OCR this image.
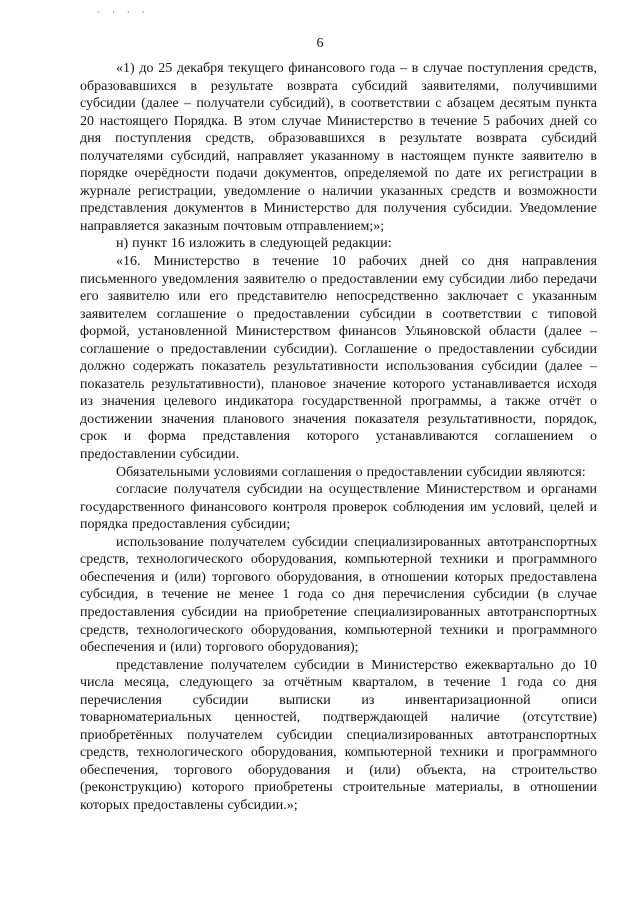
· · · ·
6

«1) до 25 декабря текущего финансового года – в случае поступления средств, образовавшихся в результате возврата субсидий заявителями, получившими субсидии (далее – получатели субсидий), в соответствии с абзацем десятым пункта 20 настоящего Порядка. В этом случае Министерство в течение 5 рабочих дней со дня поступления средств, образовавшихся в результате возврата субсидий получателями субсидий, направляет указанному в настоящем пункте заявителю в порядке очерёдности подачи документов, определяемой по дате их регистрации в журнале регистрации, уведомление о наличии указанных средств и возможности представления документов в Министерство для получения субсидии. Уведомление направляется заказным почтовым отправлением;»;

н) пункт 16 изложить в следующей редакции:

«16. Министерство в течение 10 рабочих дней со дня направления письменного уведомления заявителю о предоставлении ему субсидии либо передачи его заявителю или его представителю непосредственно заключает с указанным заявителем соглашение о предоставлении субсидии в соответствии с типовой формой, установленной Министерством финансов Ульяновской области (далее – соглашение о предоставлении субсидии). Соглашение о предоставлении субсидии должно содержать показатель результативности использования субсидии (далее – показатель результативности), плановое значение которого устанавливается исходя из значения целевого индикатора государственной программы, а также отчёт о достижении значения планового значения показателя результативности, порядок, срок и форма представления которого устанавливаются соглашением о предоставлении субсидии.

Обязательными условиями соглашения о предоставлении субсидии являются:

согласие получателя субсидии на осуществление Министерством и органами государственного финансового контроля проверок соблюдения им условий, целей и порядка предоставления субсидии;

использование получателем субсидии специализированных автотранспортных средств, технологического оборудования, компьютерной техники и программного обеспечения и (или) торгового оборудования, в отношении которых предоставлена субсидия, в течение не менее 1 года со дня перечисления субсидии (в случае предоставления субсидии на приобретение специализированных автотранспортных средств, технологического оборудования, компьютерной техники и программного обеспечения и (или) торгового оборудования);

представление получателем субсидии в Министерство ежеквартально до 10 числа месяца, следующего за отчётным кварталом, в течение 1 года со дня перечисления субсидии выписки из инвентаризационной описи товарноматериальных ценностей, подтверждающей наличие (отсутствие) приобретённых получателем субсидии специализированных автотранспортных средств, технологического оборудования, компьютерной техники и программного обеспечения, торгового оборудования и (или) объекта, на строительство (реконструкцию) которого приобретены строительные материалы, в отношении которых предоставлены субсидии.»;
